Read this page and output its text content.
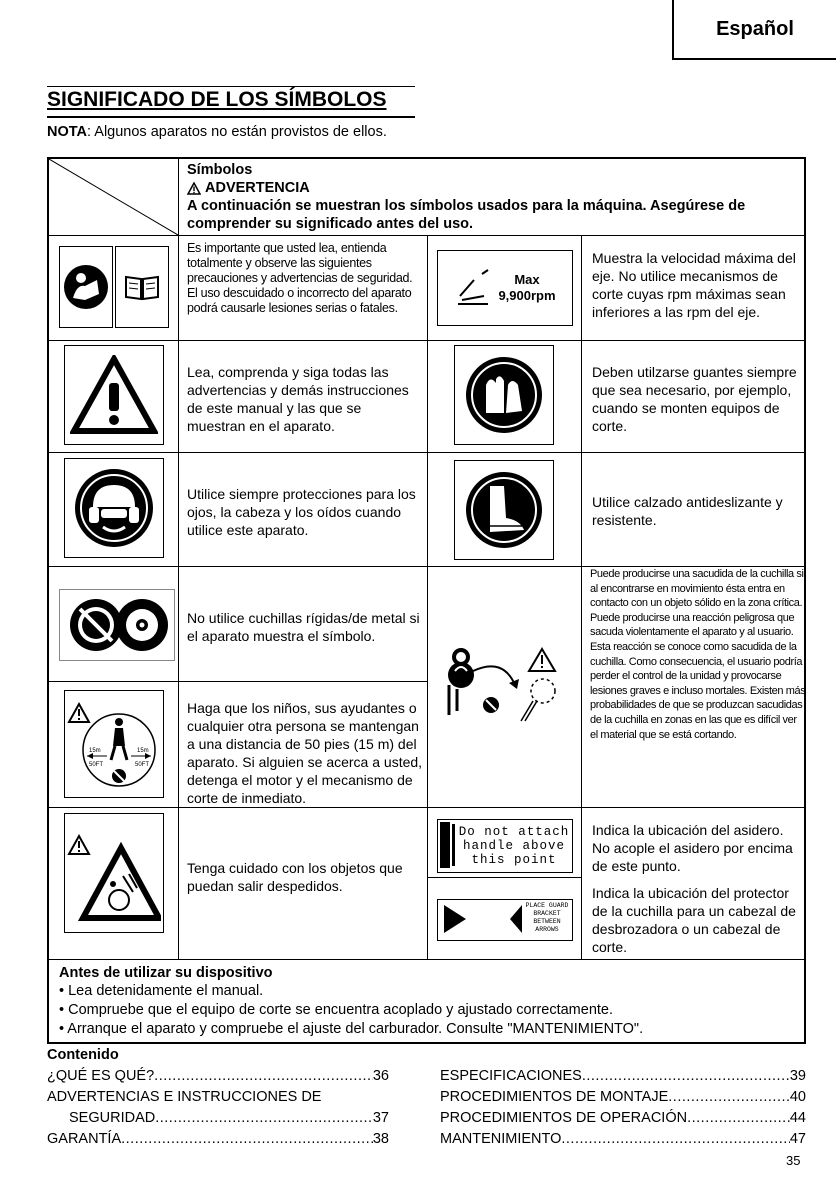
Español
SIGNIFICADO DE LOS SÍMBOLOS
NOTA: Algunos aparatos no están provistos de ellos.
Símbolos
ADVERTENCIA
A continuación se muestran los símbolos usados para la máquina. Asegúrese de
comprender su significado antes del uso.
Es importante que usted lea, entienda totalmente y observe las siguientes precauciones y advertencias de seguridad. El uso descuidado o incorrecto del aparato podrá causarle lesiones serias o fatales.
Max
9,900rpm
Muestra la velocidad máxima del eje. No utilice mecanismos de corte cuyas rpm máximas sean inferiores a las rpm del eje.
Lea, comprenda y siga todas las advertencias y demás instrucciones de este manual y las que se muestran en el aparato.
Deben utilzarse guantes siempre que sea necesario, por ejemplo, cuando se monten equipos de corte.
Utilice siempre protecciones para los ojos, la cabeza y los oídos cuando utilice este aparato.
Utilice calzado antideslizante y resistente.
No utilice cuchillas rígidas/de metal si el aparato muestra el símbolo.
Puede producirse una sacudida de la cuchilla si al encontrarse en movimiento ésta entra en contacto con un objeto sólido en la zona crítica. Puede producirse una reacción peligrosa que sacuda violentamente el aparato y al usuario. Esta reacción se conoce como sacudida de la cuchilla. Como consecuencia, el usuario podría perder el control de la unidad y provocarse lesiones graves e incluso mortales. Existen más probabilidades de que se produzcan sacudidas de la cuchilla en zonas en las que es difícil ver el material que se está cortando.
15m	15m
50FT	50FT
Haga que los niños, sus ayudantes o cualquier otra persona se mantengan a una distancia de 50 pies (15 m) del aparato. Si alguien se acerca a usted, detenga el motor y el mecanismo de corte de inmediato.
Tenga cuidado con los objetos que puedan salir despedidos.
Do not attach
handle above
this point
Indica la ubicación del asidero. No acople el asidero por encima de este punto.
PLACE GUARD
BRACKET
BETWEEN
ARROWS
Indica la ubicación del protector de la cuchilla para un cabezal de desbrozadora o un cabezal de corte.
Antes de utilizar su dispositivo
• Lea detenidamente el manual.
• Compruebe que el equipo de corte se encuentra acoplado y ajustado correctamente.
• Arranque el aparato y compruebe el ajuste del carburador. Consulte "MANTENIMIENTO".
Contenido
¿QUÉ ES QUÉ? .....	36
ADVERTENCIAS E INSTRUCCIONES DE
SEGURIDAD .....	37
GARANTÍA .....	38
ESPECIFICACIONES .....	39
PROCEDIMIENTOS DE MONTAJE .....	40
PROCEDIMIENTOS DE OPERACIÓN .....	44
MANTENIMIENTO .....	47
35
